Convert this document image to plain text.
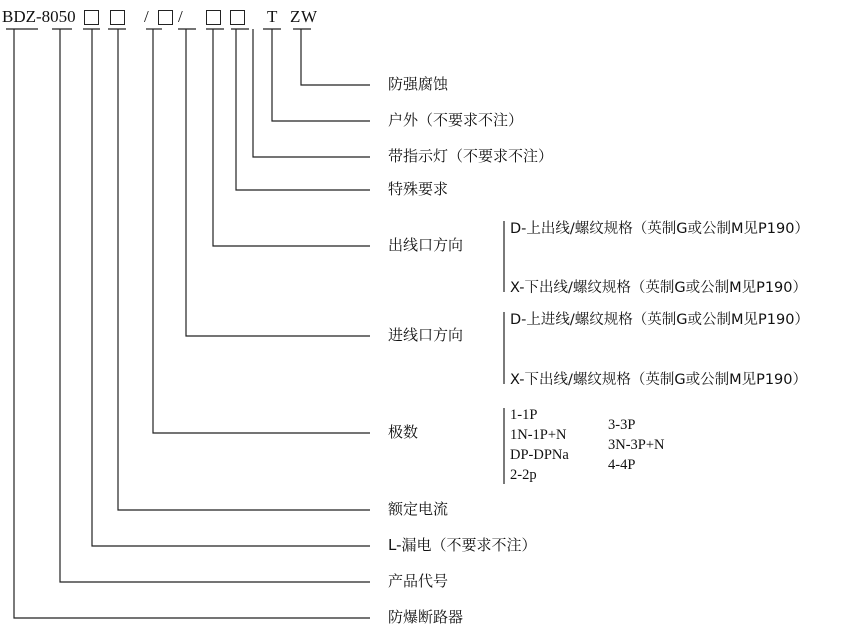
BDZ-8050	/ /	T Z W
防强腐蚀
户外（不要求不注）
带指示灯（不要求不注）
特殊要求
出线口方向
进线口方向
极数
额定电流
L-漏电（不要求不注）
产品代号
防爆断路器
D-上出线/螺纹规格（英制G或公制M见P190）
X-下出线/螺纹规格（英制G或公制M见P190）
D-上进线/螺纹规格（英制G或公制M见P190）
X-下出线/螺纹规格（英制G或公制M见P190）
1-1P
1N-1P+N
DP-DPNa
2-2p
3-3P
3N-3P+N
4-4P
